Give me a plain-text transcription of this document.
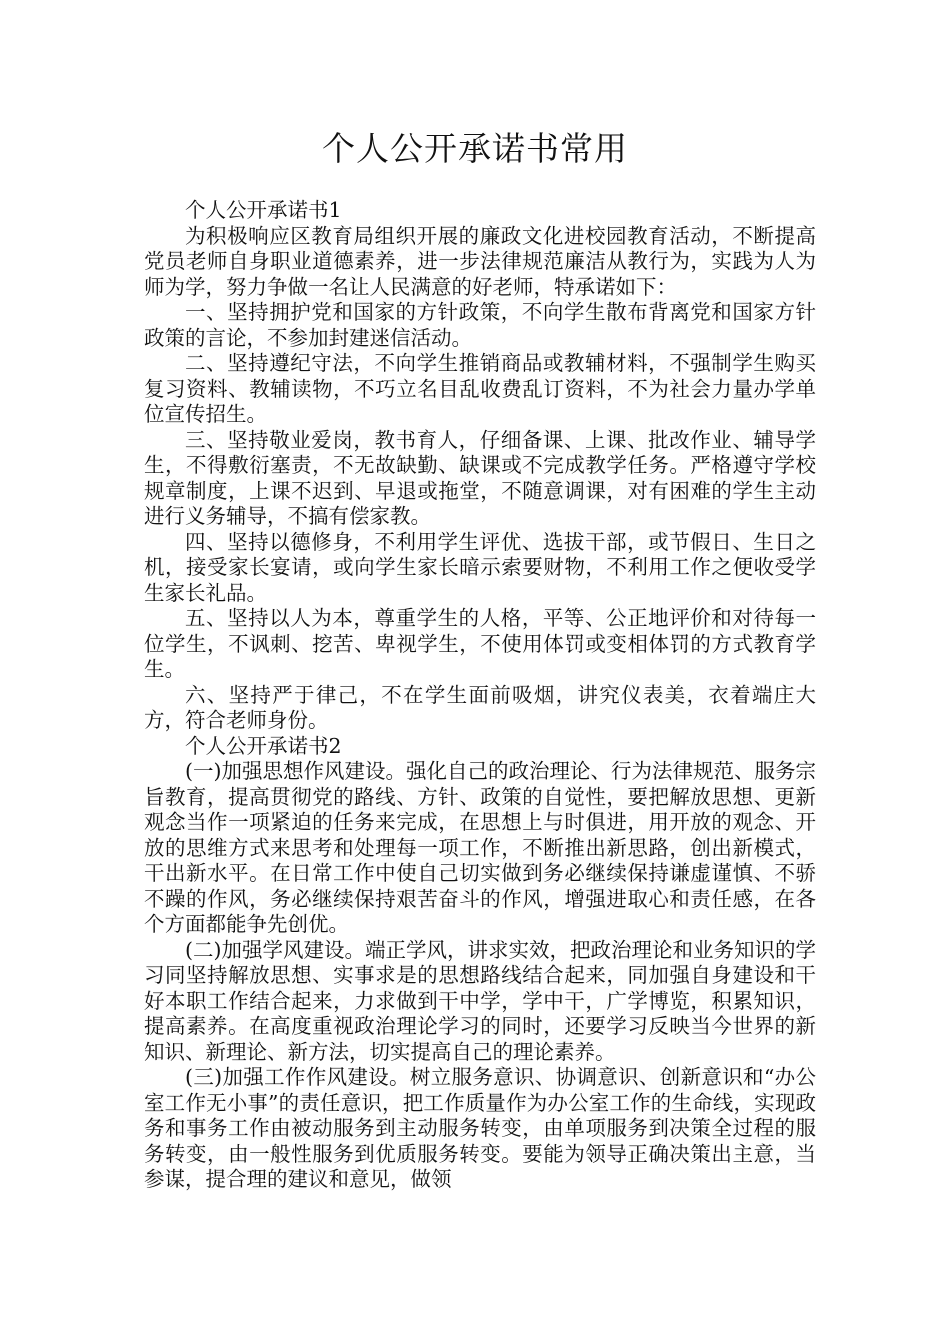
个人公开承诺书常用

个人公开承诺书1

为积极响应区教育局组织开展的廉政文化进校园教育活动，不断提高党员老师自身职业道德素养，进一步法律规范廉洁从教行为，实践为人为师为学，努力争做一名让人民满意的好老师，特承诺如下：

一、坚持拥护党和国家的方针政策，不向学生散布背离党和国家方针政策的言论，不参加封建迷信活动。

二、坚持遵纪守法，不向学生推销商品或教辅材料，不强制学生购买复习资料、教辅读物，不巧立名目乱收费乱订资料，不为社会力量办学单位宣传招生。

三、坚持敬业爱岗，教书育人，仔细备课、上课、批改作业、辅导学生，不得敷衍塞责，不无故缺勤、缺课或不完成教学任务。严格遵守学校规章制度，上课不迟到、早退或拖堂，不随意调课，对有困难的学生主动进行义务辅导，不搞有偿家教。

四、坚持以德修身，不利用学生评优、选拔干部，或节假日、生日之机，接受家长宴请，或向学生家长暗示索要财物，不利用工作之便收受学生家长礼品。

五、坚持以人为本，尊重学生的人格，平等、公正地评价和对待每一位学生，不讽刺、挖苦、卑视学生，不使用体罚或变相体罚的方式教育学生。

六、坚持严于律己，不在学生面前吸烟，讲究仪表美，衣着端庄大方，符合老师身份。

个人公开承诺书2

(一)加强思想作风建设。强化自己的政治理论、行为法律规范、服务宗旨教育，提高贯彻党的路线、方针、政策的自觉性，要把解放思想、更新观念当作一项紧迫的任务来完成，在思想上与时俱进，用开放的观念、开放的思维方式来思考和处理每一项工作，不断推出新思路，创出新模式，干出新水平。在日常工作中使自己切实做到务必继续保持谦虚谨慎、不骄不躁的作风，务必继续保持艰苦奋斗的作风，增强进取心和责任感，在各个方面都能争先创优。

(二)加强学风建设。端正学风，讲求实效，把政治理论和业务知识的学习同坚持解放思想、实事求是的思想路线结合起来，同加强自身建设和干好本职工作结合起来，力求做到干中学，学中干，广学博览，积累知识，提高素养。在高度重视政治理论学习的同时，还要学习反映当今世界的新知识、新理论、新方法，切实提高自己的理论素养。

(三)加强工作作风建设。树立服务意识、协调意识、创新意识和“办公室工作无小事”的责任意识，把工作质量作为办公室工作的生命线，实现政务和事务工作由被动服务到主动服务转变，由单项服务到决策全过程的服务转变，由一般性服务到优质服务转变。要能为领导正确决策出主意，当参谋，提合理的建议和意见，做领
